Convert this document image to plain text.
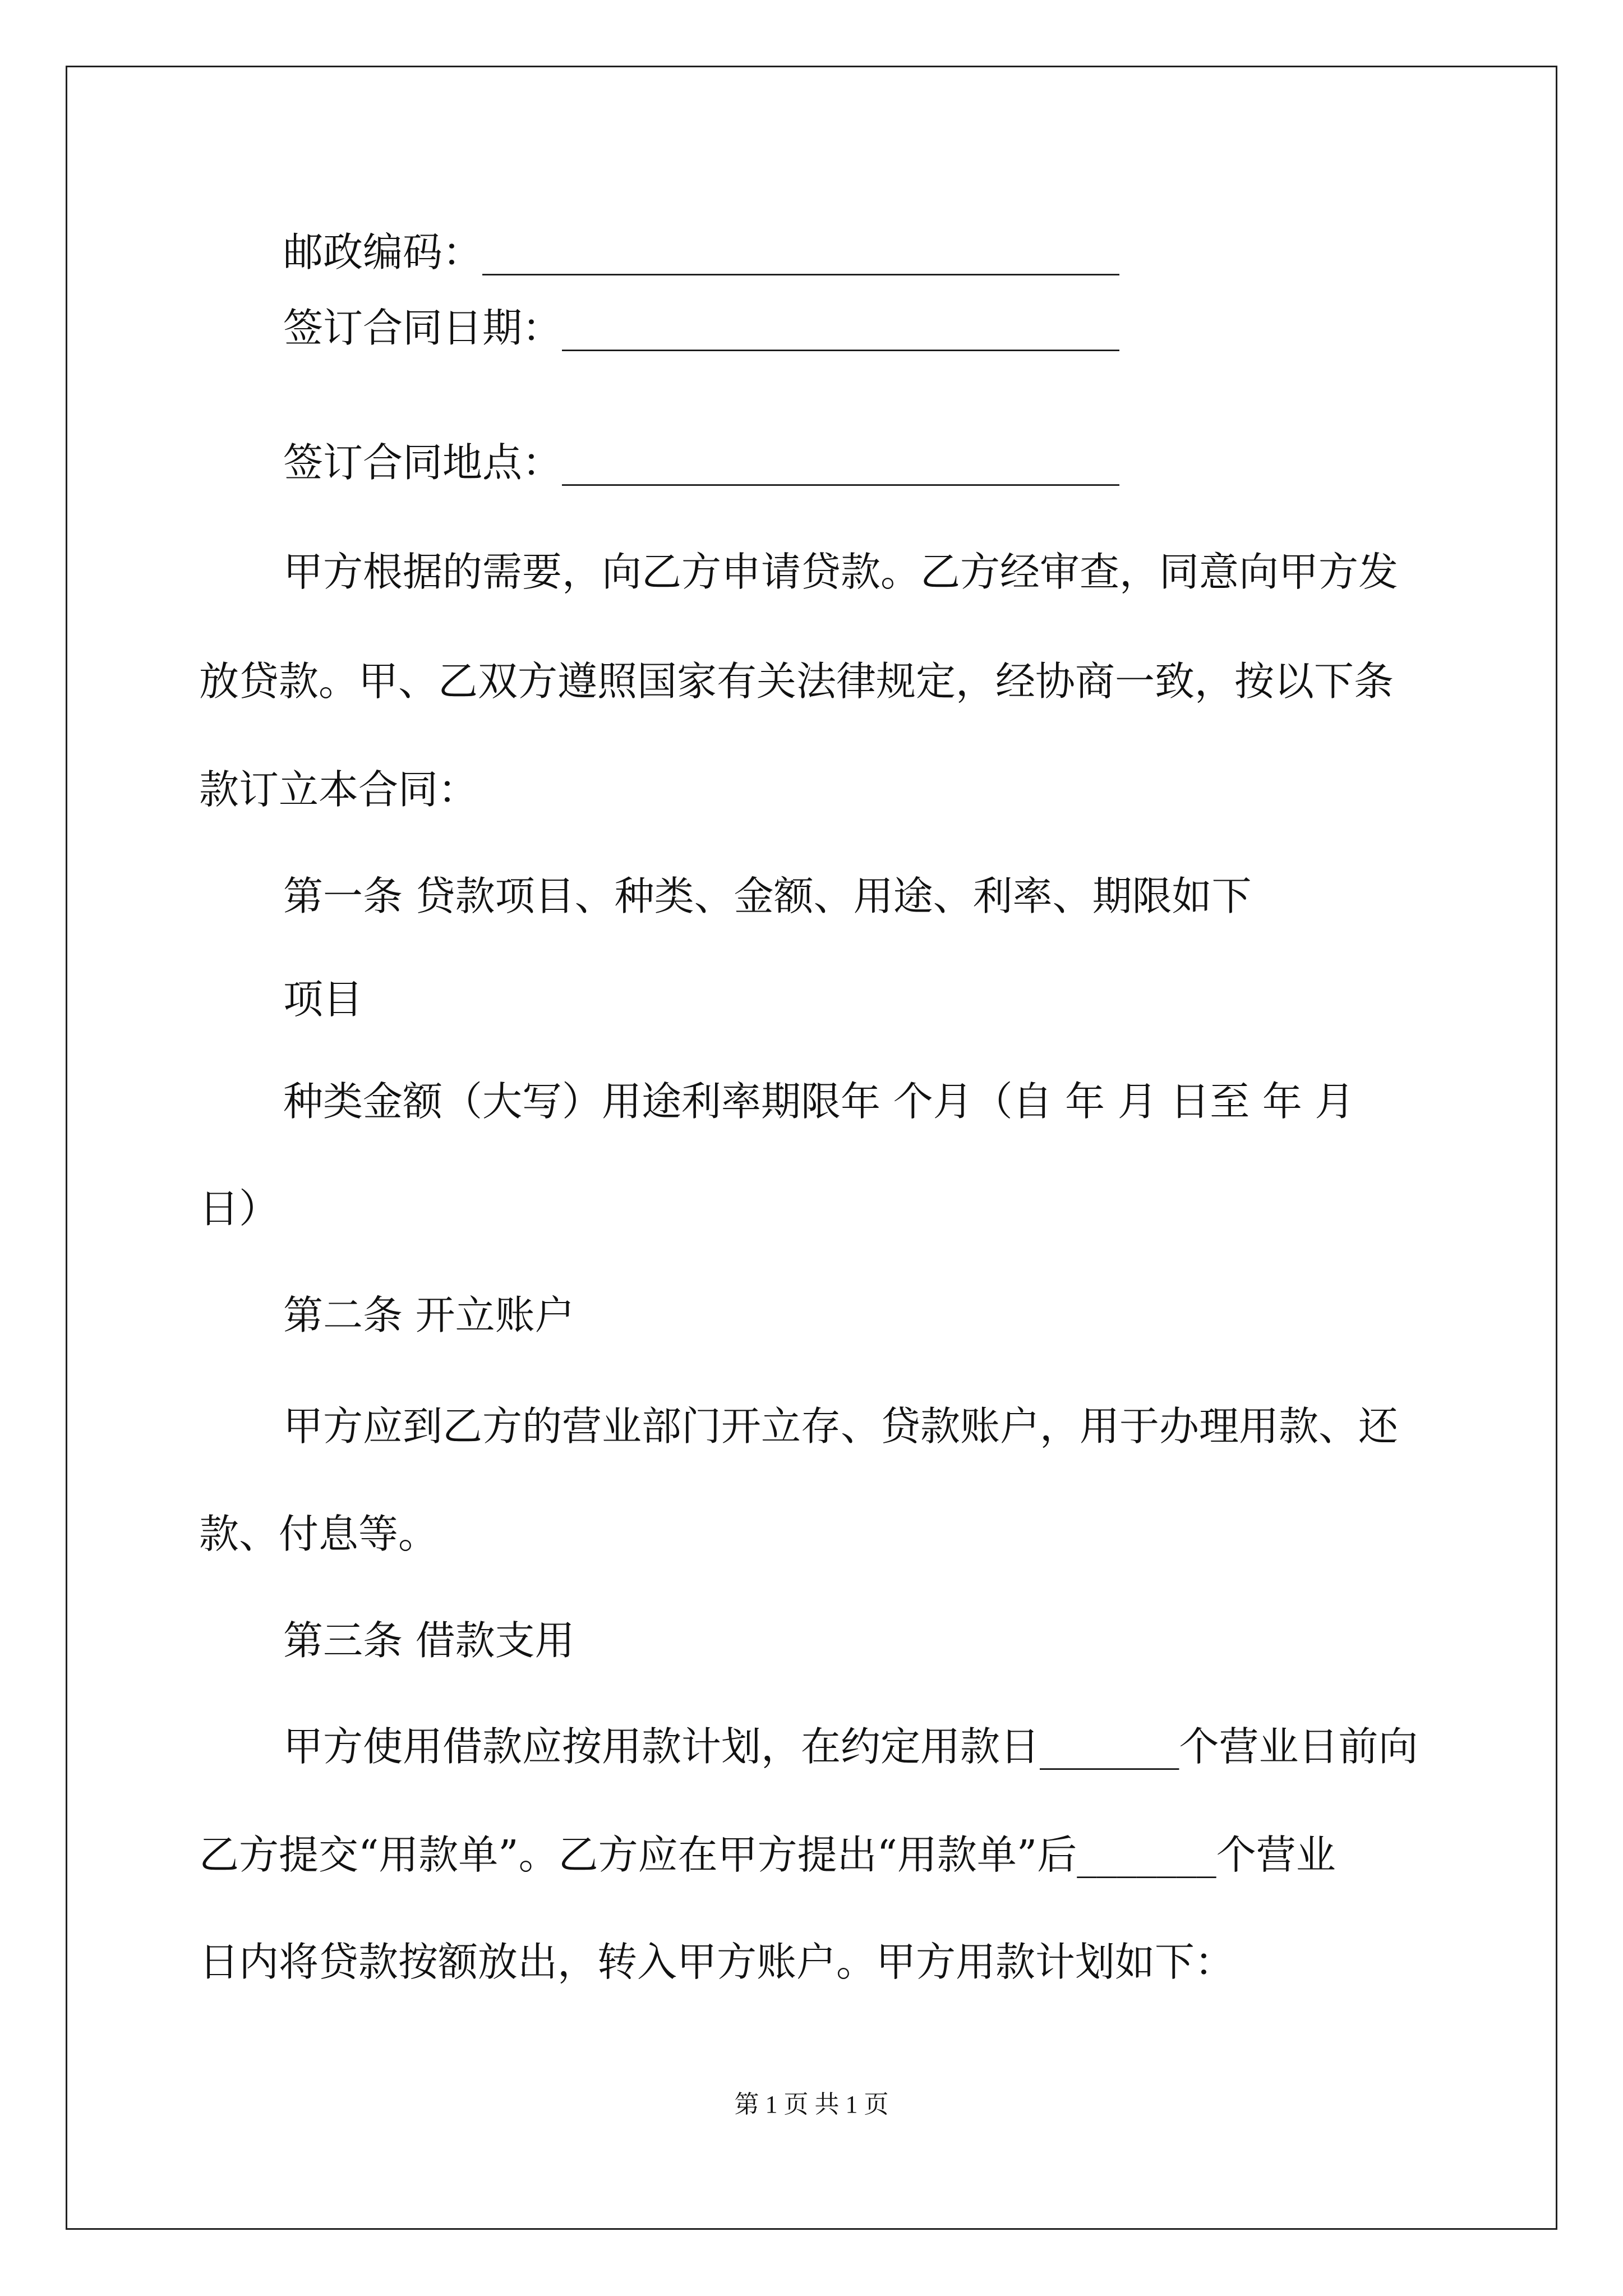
邮政编码：________________________________
签订合同日期：____________________________
签订合同地点：____________________________
甲方根据的需要，向乙方申请贷款。乙方经审查，同意向甲方发
放贷款。甲、乙双方遵照国家有关法律规定，经协商一致，按以下条
款订立本合同：
第一条 贷款项目、种类、金额、用途、利率、期限如下
项目
种类金额（大写）用途利率期限年 个月（自 年 月 日至 年 月
日）
第二条 开立账户
甲方应到乙方的营业部门开立存、贷款账户，用于办理用款、还
款、付息等。
第三条 借款支用
甲方使用借款应按用款计划，在约定用款日_______个营业日前向
乙方提交“用款单”。乙方应在甲方提出“用款单”后_______个营业
日内将贷款按额放出，转入甲方账户。甲方用款计划如下：
第 1 页 共 1 页
